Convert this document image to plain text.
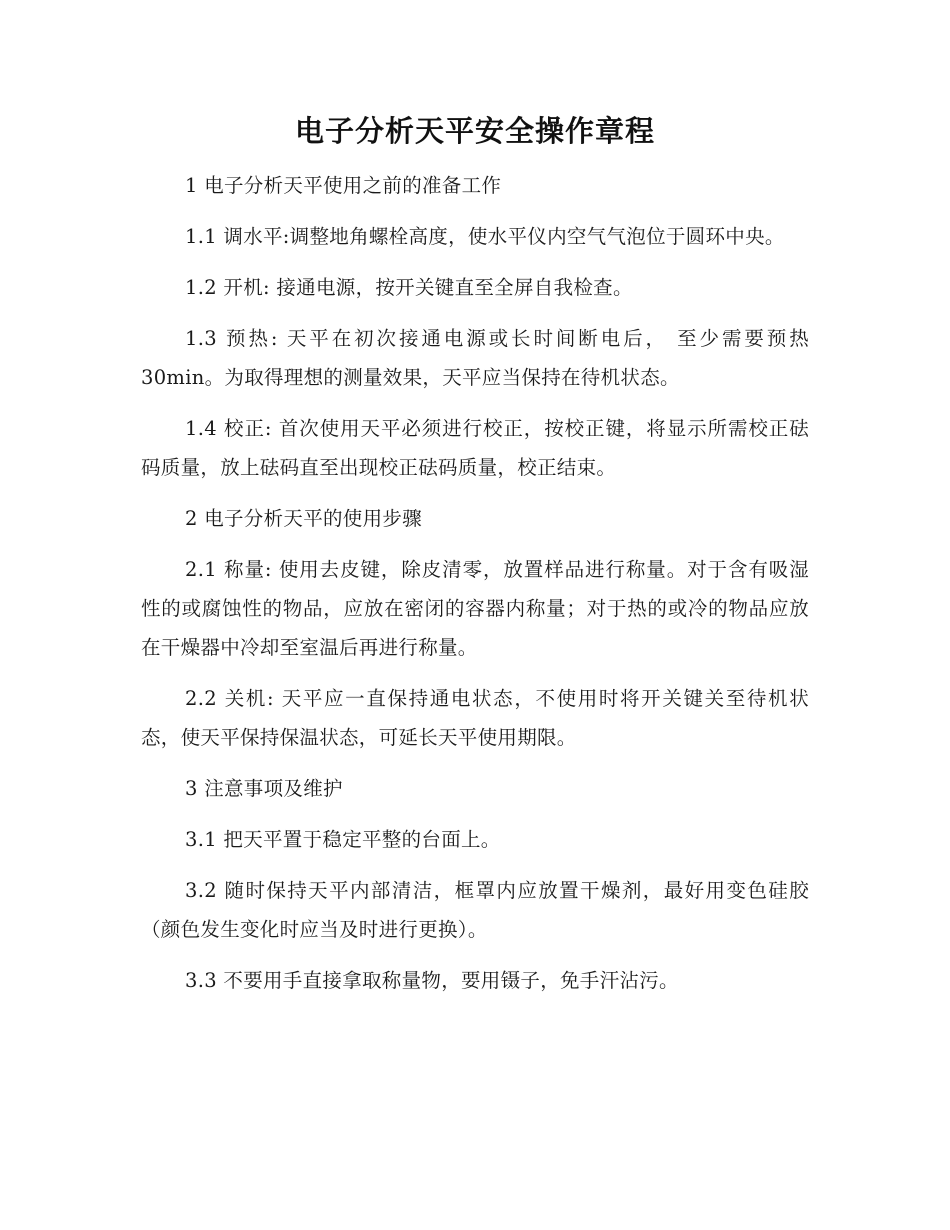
电子分析天平安全操作章程

1 电子分析天平使用之前的准备工作

1.1 调水平:调整地角螺栓高度，使水平仪内空气气泡位于圆环中央。

1.2 开机: 接通电源，按开关键直至全屏自我检查。

1.3 预热: 天平在初次接通电源或长时间断电后， 至少需要预热30min。为取得理想的测量效果，天平应当保持在待机状态。

1.4 校正: 首次使用天平必须进行校正，按校正键，将显示所需校正砝码质量，放上砝码直至出现校正砝码质量，校正结束。

2 电子分析天平的使用步骤

2.1 称量: 使用去皮键，除皮清零，放置样品进行称量。对于含有吸湿性的或腐蚀性的物品，应放在密闭的容器内称量；对于热的或冷的物品应放在干燥器中冷却至室温后再进行称量。

2.2 关机: 天平应一直保持通电状态，不使用时将开关键关至待机状态，使天平保持保温状态，可延长天平使用期限。

3 注意事项及维护

3.1 把天平置于稳定平整的台面上。

3.2 随时保持天平内部清洁，框罩内应放置干燥剂，最好用变色硅胶（颜色发生变化时应当及时进行更换）。

3.3 不要用手直接拿取称量物，要用镊子，免手汗沾污。
